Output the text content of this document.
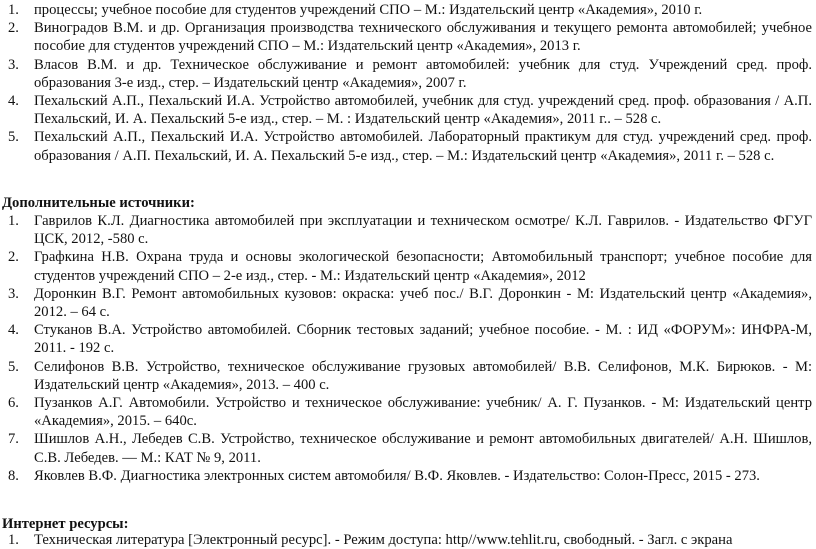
1. процессы; учебное пособие для студентов учреждений СПО – М.: Издательский центр «Академия», 2010 г.
2. Виноградов В.М. и др. Организация производства технического обслуживания и текущего ремонта автомобилей; учебное пособие для студентов учреждений СПО – М.: Издательский центр «Академия», 2013 г.
3. Власов В.М. и др. Техническое обслуживание и ремонт автомобилей: учебник для студ. Учреждений сред. проф. образования 3-е изд., стер. – Издательский центр «Академия», 2007 г.
4. Пехальский А.П., Пехальский И.А. Устройство автомобилей, учебник для студ. учреждений сред. проф. образования / А.П. Пехальский, И. А. Пехальский 5-е изд., стер. – М. : Издательский центр «Академия», 2011 г.. – 528 с.
5. Пехальский А.П., Пехальский И.А. Устройство автомобилей. Лабораторный практикум для студ. учреждений сред. проф. образования / А.П. Пехальский, И. А. Пехальский 5-е изд., стер. – М.: Издательский центр «Академия», 2011 г. – 528 с.
Дополнительные источники:
1. Гаврилов К.Л. Диагностика автомобилей при эксплуатации и техническом осмотре/ К.Л. Гаврилов. - Издательство ФГУГ ЦСК, 2012, -580 с.
2. Графкина Н.В. Охрана труда и основы экологической безопасности; Автомобильный транспорт; учебное пособие для студентов учреждений СПО – 2-е изд., стер. - М.: Издательский центр «Академия», 2012
3. Доронкин В.Г. Ремонт автомобильных кузовов: окраска: учеб пос./ В.Г. Доронкин - М: Издательский центр «Академия», 2012. – 64 с.
4. Стуканов В.А. Устройство автомобилей. Сборник тестовых заданий; учебное пособие. - М. : ИД «ФОРУМ»: ИНФРА-М, 2011. - 192 с.
5. Селифонов В.В. Устройство, техническое обслуживание грузовых автомобилей/ В.В. Селифонов, М.К. Бирюков. - М: Издательский центр «Академия», 2013. – 400 с.
6. Пузанков А.Г. Автомобили. Устройство и техническое обслуживание: учебник/ А. Г. Пузанков. - М: Издательский центр «Академия», 2015. – 640с.
7. Шишлов А.Н., Лебедев С.В. Устройство, техническое обслуживание и ремонт автомобильных двигателей/ А.Н. Шишлов, С.В. Лебедев. — М.: КАТ № 9, 2011.
8. Яковлев В.Ф. Диагностика электронных систем автомобиля/ В.Ф. Яковлев. - Издательство: Солон-Пресс, 2015 - 273.
Интернет ресурсы:
1. Техническая литература [Электронный ресурс]. - Режим доступа: http//www.tehlit.ru, свободный. - Загл. с экрана
